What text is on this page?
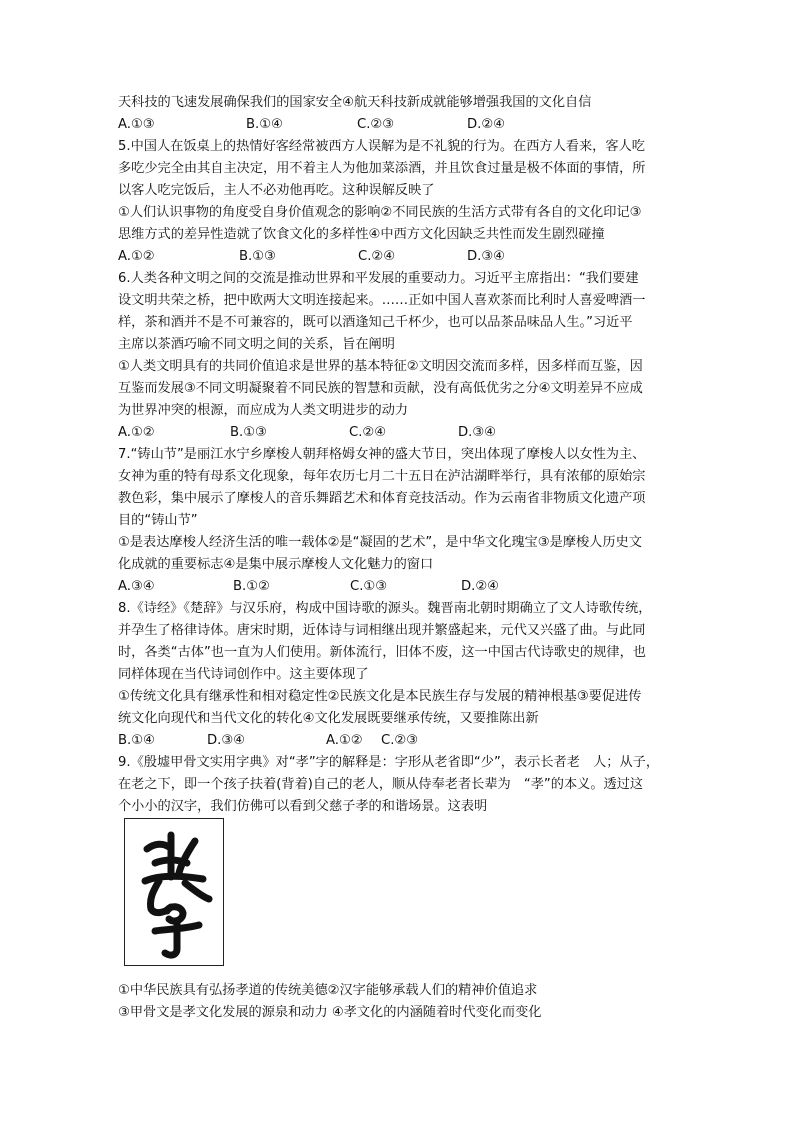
天科技的飞速发展确保我们的国家安全④航天科技新成就能够增强我国的文化自信
A.①③	B.①④	C.②③	D.②④
5.中国人在饭桌上的热情好客经常被西方人误解为是不礼貌的行为。在西方人看来，客人吃
多吃少完全由其自主决定，用不着主人为他加菜添酒，并且饮食过量是极不体面的事情，所
以客人吃完饭后，主人不必劝他再吃。这种误解反映了
①人们认识事物的角度受自身价值观念的影响②不同民族的生活方式带有各自的文化印记③
思维方式的差异性造就了饮食文化的多样性④中西方文化因缺乏共性而发生剧烈碰撞
A.①②	B.①③	C.②④	D.③④
6.人类各种文明之间的交流是推动世界和平发展的重要动力。习近平主席指出：“我们要建
设文明共荣之桥，把中欧两大文明连接起来。……正如中国人喜欢茶而比利时人喜爱啤酒一
样，茶和酒并不是不可兼容的，既可以酒逢知己千杯少，也可以品茶品味品人生。”习近平
主席以茶酒巧喻不同文明之间的关系，旨在阐明
①人类文明具有的共同价值追求是世界的基本特征②文明因交流而多样，因多样而互鉴，因
互鉴而发展③不同文明凝聚着不同民族的智慧和贡献，没有高低优劣之分④文明差异不应成
为世界冲突的根源，而应成为人类文明进步的动力
A.①②	B.①③	C.②④	D.③④
7.“铸山节”是丽江水宁乡摩梭人朝拜格姆女神的盛大节日，突出体现了摩梭人以女性为主、
女神为重的特有母系文化现象，每年农历七月二十五日在泸沽湖畔举行，具有浓郁的原始宗
教色彩，集中展示了摩梭人的音乐舞蹈艺术和体育竞技活动。作为云南省非物质文化遗产项
目的“铸山节”
①是表达摩梭人经济生活的唯一载体②是“凝固的艺术”，是中华文化瑰宝③是摩梭人历史文
化成就的重要标志④是集中展示摩梭人文化魅力的窗口
A.③④	B.①②	C.①③	D.②④
8.《诗经》《楚辞》与汉乐府，构成中国诗歌的源头。魏晋南北朝时期确立了文人诗歌传统，
并孕生了格律诗体。唐宋时期，近体诗与词相继出现并繁盛起来，元代又兴盛了曲。与此同
时，各类“古体”也一直为人们使用。新体流行，旧体不废，这一中国古代诗歌史的规律，也
同样体现在当代诗词创作中。这主要体现了
①传统文化具有继承性和相对稳定性②民族文化是本民族生存与发展的精神根基③要促进传
统文化向现代和当代文化的转化④文化发展既要继承传统，又要推陈出新
B.①④	D.③④	A.①②	C.②③
9.《殷墟甲骨文实用字典》对“孝”字的解释是：字形从老省即“少”，表示长者老　人；从子，
在老之下，即一个孩子扶着(背着)自己的老人，顺从侍奉老者长辈为　“孝”的本义。透过这
个小小的汉字，我们仿佛可以看到父慈子孝的和谐场景。这表明
①中华民族具有弘扬孝道的传统美德②汉字能够承载人们的精神价值追求
③甲骨文是孝文化发展的源泉和动力 ④孝文化的内涵随着时代变化而变化
